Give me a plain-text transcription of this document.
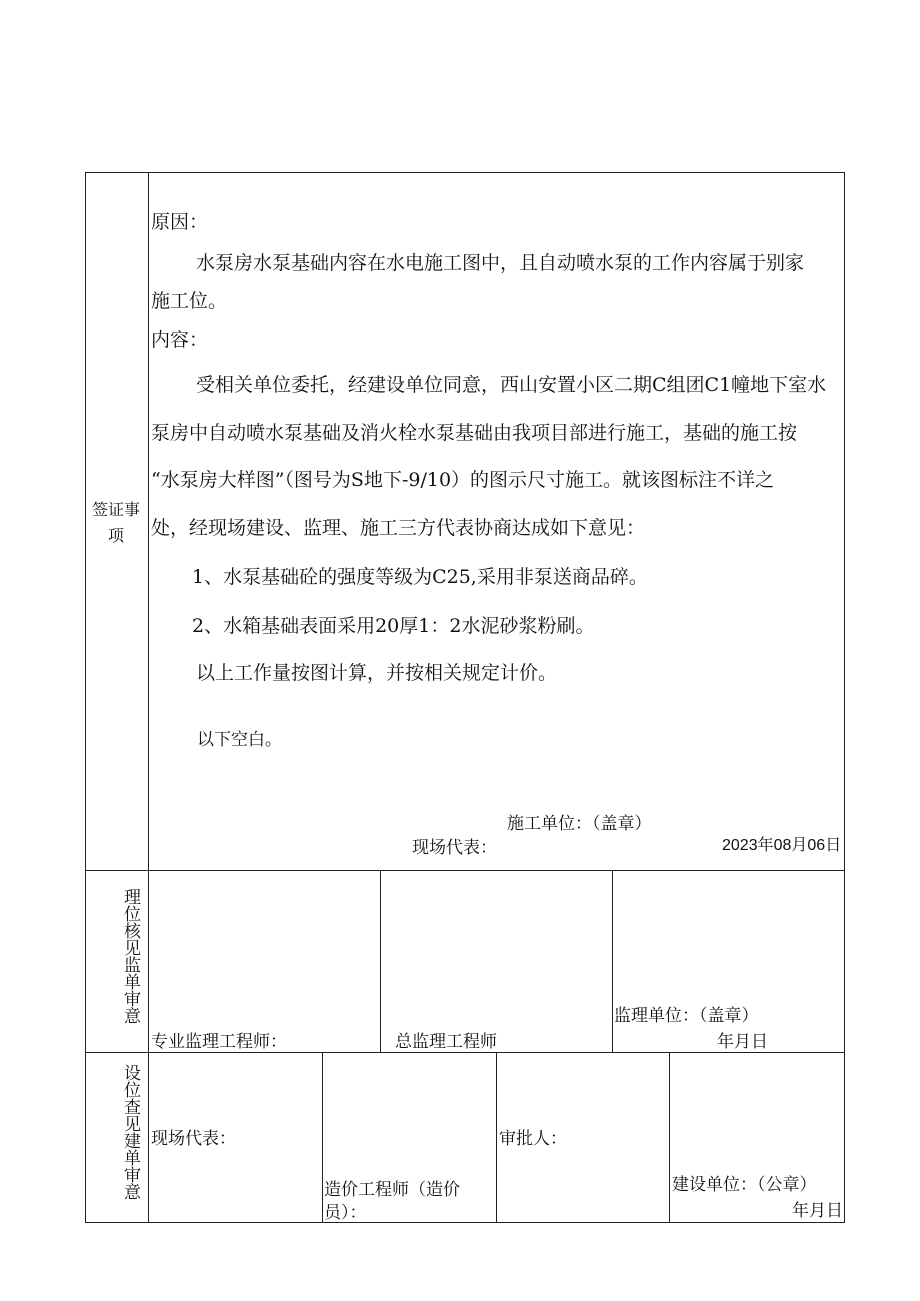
签证事
项
原因：
水泵房水泵基础内容在水电施工图中，且自动喷水泵的工作内容属于别家
施工位。
内容：
受相关单位委托，经建设单位同意，西山安置小区二期C组团C1幢地下室水
泵房中自动喷水泵基础及消火栓水泵基础由我项目部进行施工，基础的施工按
“水泵房大样图”（图号为S地下-9/10）的图示尺寸施工。就该图标注不详之
处，经现场建设、监理、施工三方代表协商达成如下意见：
1、水泵基础砼的强度等级为C25,采用非泵送商品碎。
2、水箱基础表面采用20厚1：2水泥砂浆粉刷。
以上工作量按图计算，并按相关规定计价。
以下空白。
施工单位：（盖章）
现场代表：	2023年08月06日
理位核见监单审意
专业监理工程师：	总监理工程师
监理单位：（盖章）
年月日
设位查见建单审意 现场代表：
造价工程师（造价
员）：
审批人：
建设单位：（公章）
年月日
